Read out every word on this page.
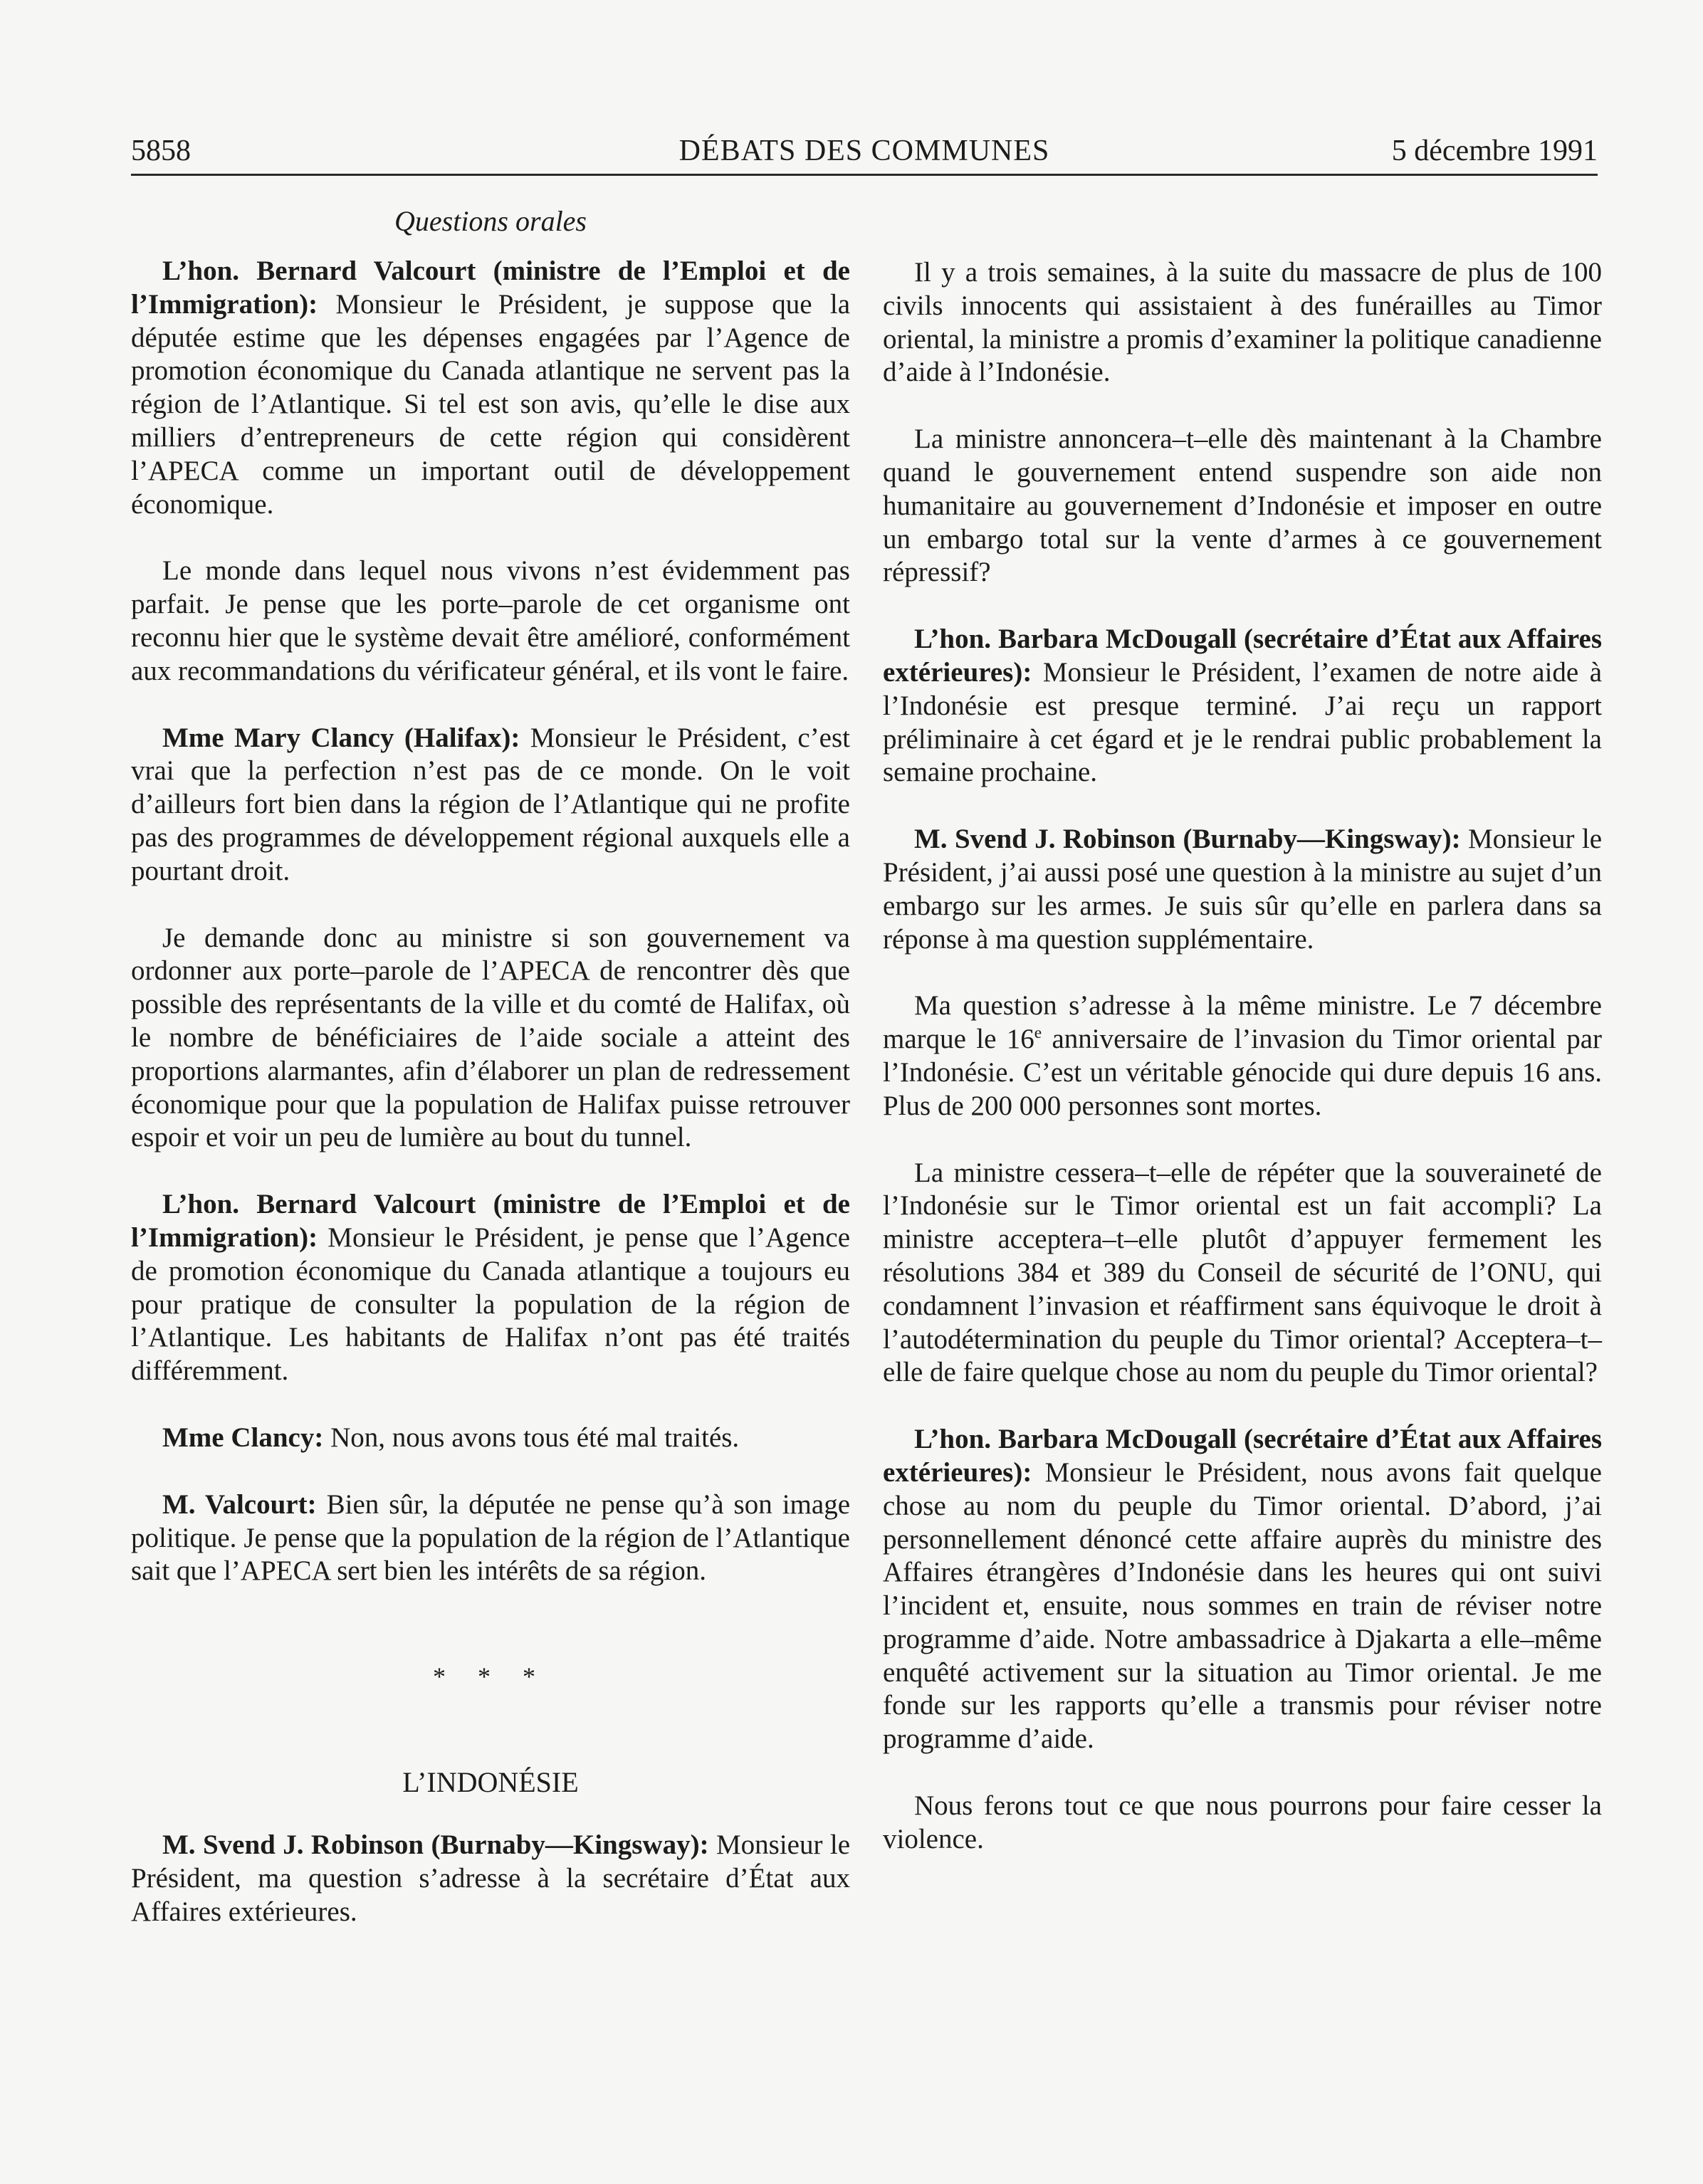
5858	DÉBATS DES COMMUNES	5 décembre 1991

Questions orales

L’hon. Bernard Valcourt (ministre de l’Emploi et de l’Immigration): Monsieur le Président, je suppose que la députée estime que les dépenses engagées par l’Agence de promotion économique du Canada atlantique ne servent pas la région de l’Atlantique. Si tel est son avis, qu’elle le dise aux milliers d’entrepreneurs de cette région qui considèrent l’APECA comme un important outil de développement économique.

Le monde dans lequel nous vivons n’est évidemment pas parfait. Je pense que les porte–parole de cet organisme ont reconnu hier que le système devait être amélioré, conformément aux recommandations du vérificateur général, et ils vont le faire.

Mme Mary Clancy (Halifax): Monsieur le Président, c’est vrai que la perfection n’est pas de ce monde. On le voit d’ailleurs fort bien dans la région de l’Atlantique qui ne profite pas des programmes de développement régional auxquels elle a pourtant droit.

Je demande donc au ministre si son gouvernement va ordonner aux porte–parole de l’APECA de rencontrer dès que possible des représentants de la ville et du comté de Halifax, où le nombre de bénéficiaires de l’aide sociale a atteint des proportions alarmantes, afin d’élaborer un plan de redressement économique pour que la population de Halifax puisse retrouver espoir et voir un peu de lumière au bout du tunnel.

L’hon. Bernard Valcourt (ministre de l’Emploi et de l’Immigration): Monsieur le Président, je pense que l’Agence de promotion économique du Canada atlantique a toujours eu pour pratique de consulter la population de la région de l’Atlantique. Les habitants de Halifax n’ont pas été traités différemment.

Mme Clancy: Non, nous avons tous été mal traités.

M. Valcourt: Bien sûr, la députée ne pense qu’à son image politique. Je pense que la population de la région de l’Atlantique sait que l’APECA sert bien les intérêts de sa région.

* * *

L’INDONÉSIE

M. Svend J. Robinson (Burnaby—Kingsway): Monsieur le Président, ma question s’adresse à la secrétaire d’État aux Affaires extérieures.

Il y a trois semaines, à la suite du massacre de plus de 100 civils innocents qui assistaient à des funérailles au Timor oriental, la ministre a promis d’examiner la politique canadienne d’aide à l’Indonésie.

La ministre annoncera–t–elle dès maintenant à la Chambre quand le gouvernement entend suspendre son aide non humanitaire au gouvernement d’Indonésie et imposer en outre un embargo total sur la vente d’armes à ce gouvernement répressif?

L’hon. Barbara McDougall (secrétaire d’État aux Affaires extérieures): Monsieur le Président, l’examen de notre aide à l’Indonésie est presque terminé. J’ai reçu un rapport préliminaire à cet égard et je le rendrai public probablement la semaine prochaine.

M. Svend J. Robinson (Burnaby—Kingsway): Monsieur le Président, j’ai aussi posé une question à la ministre au sujet d’un embargo sur les armes. Je suis sûr qu’elle en parlera dans sa réponse à ma question supplémentaire.

Ma question s’adresse à la même ministre. Le 7 décembre marque le 16e anniversaire de l’invasion du Timor oriental par l’Indonésie. C’est un véritable génocide qui dure depuis 16 ans. Plus de 200 000 personnes sont mortes.

La ministre cessera–t–elle de répéter que la souveraineté de l’Indonésie sur le Timor oriental est un fait accompli? La ministre acceptera–t–elle plutôt d’appuyer fermement les résolutions 384 et 389 du Conseil de sécurité de l’ONU, qui condamnent l’invasion et réaffirment sans équivoque le droit à l’autodétermination du peuple du Timor oriental? Acceptera–t–elle de faire quelque chose au nom du peuple du Timor oriental?

L’hon. Barbara McDougall (secrétaire d’État aux Affaires extérieures): Monsieur le Président, nous avons fait quelque chose au nom du peuple du Timor oriental. D’abord, j’ai personnellement dénoncé cette affaire auprès du ministre des Affaires étrangères d’Indonésie dans les heures qui ont suivi l’incident et, ensuite, nous sommes en train de réviser notre programme d’aide. Notre ambassadrice à Djakarta a elle–même enquêté activement sur la situation au Timor oriental. Je me fonde sur les rapports qu’elle a transmis pour réviser notre programme d’aide.

Nous ferons tout ce que nous pourrons pour faire cesser la violence.
